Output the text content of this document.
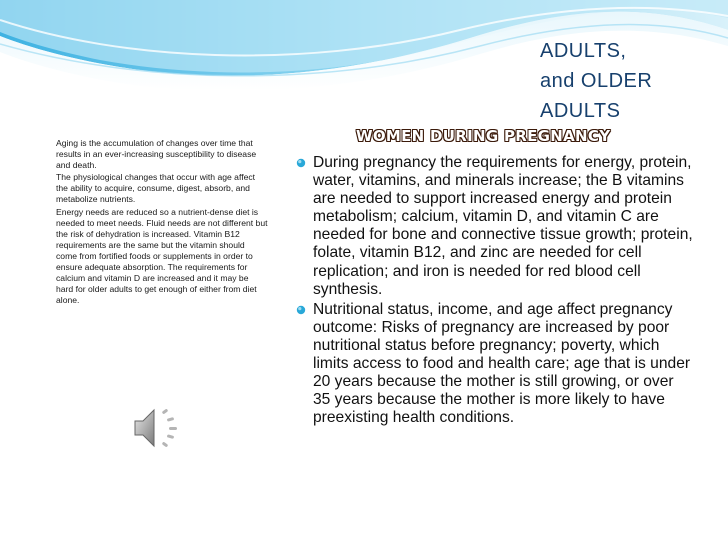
ADULTS,
and OLDER
ADULTS

Aging is the accumulation of changes over time that results in an ever-increasing susceptibility to disease and death.

The physiological changes that occur with age affect the ability to acquire, consume, digest, absorb, and metabolize nutrients.

Energy needs are reduced so a nutrient-dense diet is needed to meet needs. Fluid needs are not different but the risk of dehydration is increased. Vitamin B12 requirements are the same but the vitamin should come from fortified foods or supplements in order to ensure adequate absorption. The requirements for calcium and vitamin D are increased and it may be hard for older adults to get enough of either from diet alone.

WOMEN DURING PREGNANCY
During pregnancy the requirements for energy, protein, water, vitamins, and minerals increase; the B vitamins are needed to support increased energy and protein metabolism; calcium, vitamin D, and vitamin C are needed for bone and connective tissue growth; protein, folate, vitamin B12, and zinc are needed for cell replication; and iron is needed for red blood cell synthesis.
Nutritional status, income, and age affect pregnancy outcome: Risks of pregnancy are increased by poor nutritional status before pregnancy; poverty, which limits access to food and health care; age that is under 20 years because the mother is still growing, or over 35 years because the mother is more likely to have preexisting health conditions.
